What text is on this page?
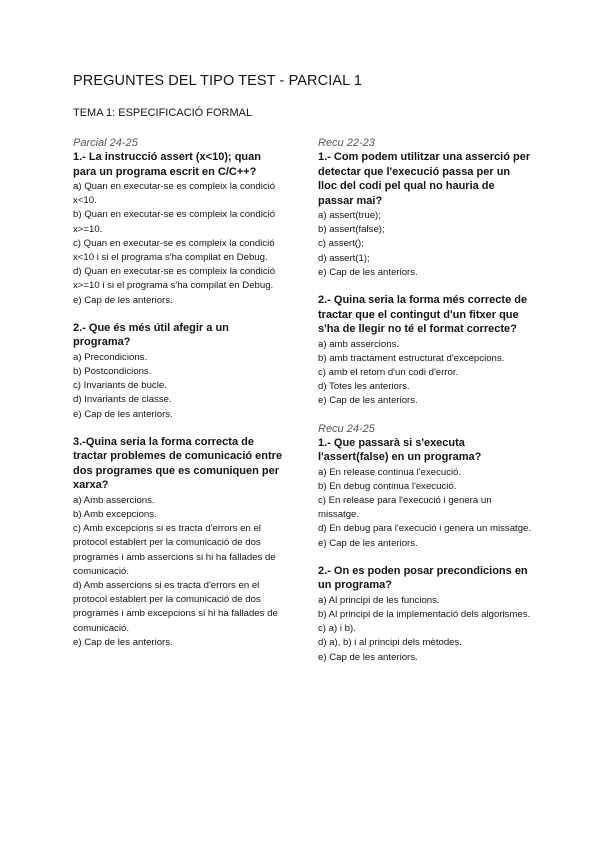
PREGUNTES DEL TIPO TEST - PARCIAL 1
TEMA 1: ESPECIFICACIÓ FORMAL
Parcial 24-25

1.- La instrucció assert (x<10); quan para un programa escrit en C/C++?

a) Quan en executar-se es compleix la condició x<10.
b) Quan en executar-se es compleix la condició x>=10.
c) Quan en executar-se es compleix la condició x<10 i si el programa s'ha compilat en Debug.
d) Quan en executar-se es compleix la condició x>=10 i si el programa s'ha compilat en Debug.
e) Cap de les anteriors.

2.- Que és més útil afegir a un programa?

a) Precondicions.
b) Postcondicions.
c) Invariants de bucle.
d) Invariants de classe.
e) Cap de les anteriors.

3.-Quina seria la forma correcta de tractar problemes de comunicació entre dos programes que es comuniquen per xarxa?

a) Amb assercions.
b) Amb excepcions.
c) Amb excepcions si es tracta d'errors en el protocol establert per la comunicació de dos programes i amb assercions si hi ha fallades de comunicació.
d) Amb assercions si es tracta d'errors en el protocol establert per la comunicació de dos programes i amb excepcions si hi ha fallades de comunicació.
e) Cap de les anteriors.
Recu 22-23

1.- Com podem utilitzar una asserció per detectar que l'execució passa per un lloc del codi pel qual no hauria de passar mai?

a) assert(true);
b) assert(false);
c) assert();
d) assert(1);
e) Cap de les anteriors.

2.- Quina seria la forma més correcte de tractar que el contingut d'un fitxer que s'ha de llegir no té el format correcte?

a) amb assercions.
b) amb tractament estructurat d'excepcions.
c) amb el retorn d'un codi d'error.
d) Totes les anteriors.
e) Cap de les anteriors.
Recu 24-25

1.- Que passarà si s'executa l'assert(false) en un programa?

a) En release continua l'execució.
b) En debug continua l'execució.
c) En release para l'execució i genera un missatge.
d) En debug para l'execució i genera un missatge.
e) Cap de les anteriors.

2.- On es poden posar precondicions en un programa?

a) Al principi de les funcions.
b) Al principi de la implementació dels algorismes.
c) a) i b).
d) a), b) i al principi dels mètodes.
e) Cap de les anteriors.
